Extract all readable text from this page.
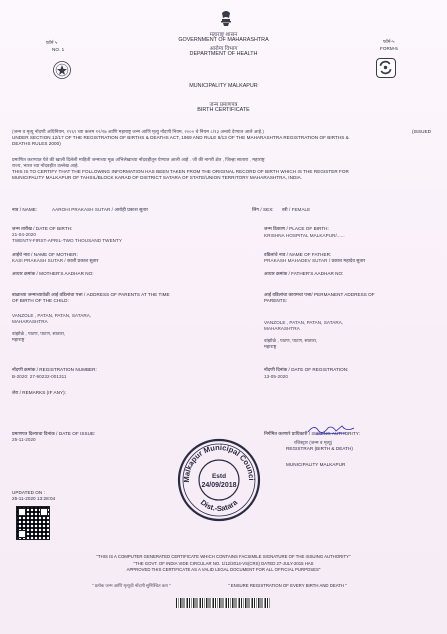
फ़ॉर्म ५
NO. 1
महाराष्ट्र शासन
GOVERNMENT OF MAHARASHTRA
आरोग्य विभाग
DEPARTMENT OF HEALTH
फॉर्म-५
FORM-5
MUNICIPALITY MALKAPUR
जन्म प्रमाणपत्र
BIRTH CERTIFICATE
(जन्म व मृत्यु नोंदणी अधिनियम, १९६९ च्या कलम १२/१७ आणि महाराष्ट्र जन्म आणि मृत्यु नोंदणी नियम, २००० चे नियम ८/१३ अन्वये देण्यात आले आहे.)	(ISSUED
UNDER SECTION 12/17 OF THE REGISTRATION OF BIRTHS & DEATHS ACT, 1969 AND RULE 8/13 OF THE MAHARASHTRA REGISTRATION OF BIRTHS &
DEATHS RULES 2000)
प्रमाणित करण्यात येते की खाली दिलेली माहिती जन्माच्या मूळ अभिलेखाच्या नोंदवहीतून घेण्यात आली आहे . जी की नागरी क्षेत्र , जिल्हा सातारा , महाराष्ट्र
राज्य, भारत च्या नोंदवहीत उल्लेख आहे.
THIS IS TO CERTIFY THAT THE FOLLOWING INFORMATION HAS BEEN TAKEN FROM THE ORIGINAL RECORD OF BIRTH WHICH IS THE REGISTER FOR
MUNICIPALITY MALKAPUR OF TAHSIL/BLOCK KARAD OF DISTRICT SATARA OF STATE/UNION TERRITORY MAHARASHTRA, INDIA.
नाव / NAME:	AAROHI PRAKASH SUTAR / आरोही प्रकाश सुतार	लिंग / SEX: स्त्री / FEMALE
जन्म तारीख / DATE OF BIRTH:
21-04-2020
TWENTY-FIRST-APRIL-TWO THOUSAND TWENTY
जन्म ठिकाण / PLACE OF BIRTH:
KRISHNA HOSPITAL MALKAPUR/......
आईचे नाव / NAME OF MOTHER:
KASI PRAKASH SUTAR / काशी प्रकाश सुतार
वडिलांचे नाव / NAME OF FATHER:
PRAKASH MAHADEV SUTAR / प्रकाश महादेव सुतार
आधार क्रमांक / MOTHER'S AADHAR NO:	आधार क्रमांक / FATHER'S AADHAR NO:
बाळाच्या जन्माच्यावेळी आई वडिलांचा पत्ता / ADDRESS OF PARENTS AT THE TIME
OF BIRTH OF THE CHILD:
VANZOLE , PATAN, PATAN, SATARA,
MAHARASHTRA
वांझोळे , पाटण, पाटण, सातारा,
महाराष्ट्र
आई वडिलांचा कायमचा पत्ता/ PERMANENT ADDRESS OF
PARENTS:
VANZOLE , PATAN, PATAN, SATARA,
MAHARASHTRA
वांझोळे , पाटण, पाटण, सातारा,
महाराष्ट्र
नोंदणी क्रमांक / REGISTRATION NUMBER:
B-2020: 27-90232-001311
नोंदणी दिनांक / DATE OF REGISTRATION:
13-05-2020
शेरा / REMARKS (IF ANY):
प्रमाणपत्र दिल्याचा दिनांक / DATE OF ISSUE:
25-11-2020
निर्गमित करणारे प्राधिकारी / ISSUING AUTHORITY:
रजिस्ट्रार (जन्म व मृत्यू)
REGISTRAR (BIRTH & DEATH)
MUNICIPALITY MALKAPUR
Malkapur Municipal Counci
Dist.-Satara
Estd
24/09/2018
UPDATED ON :
25-11-2020 13:28:04
"THIS IS A COMPUTER GENERATED CERTIFICATE WHICH CONTAINS FACSIMILE SIGNATURE OF THE ISSUING AUTHORITY"
"THE GOVT. OF INDIA VIDE CIRCULAR NO. 1/12/2014-VS(CRS) DATED 27-JULY-2015 HAS
APPROVED THIS CERTIFICATE AS A VALID LEGAL DOCUMENT FOR ALL OFFICIAL PURPOSES"
" प्रत्येक जन्म आणि मृत्यूची नोंदणी सुनिश्चित करा "	" ENSURE REGISTRATION OF EVERY BIRTH AND DEATH "
